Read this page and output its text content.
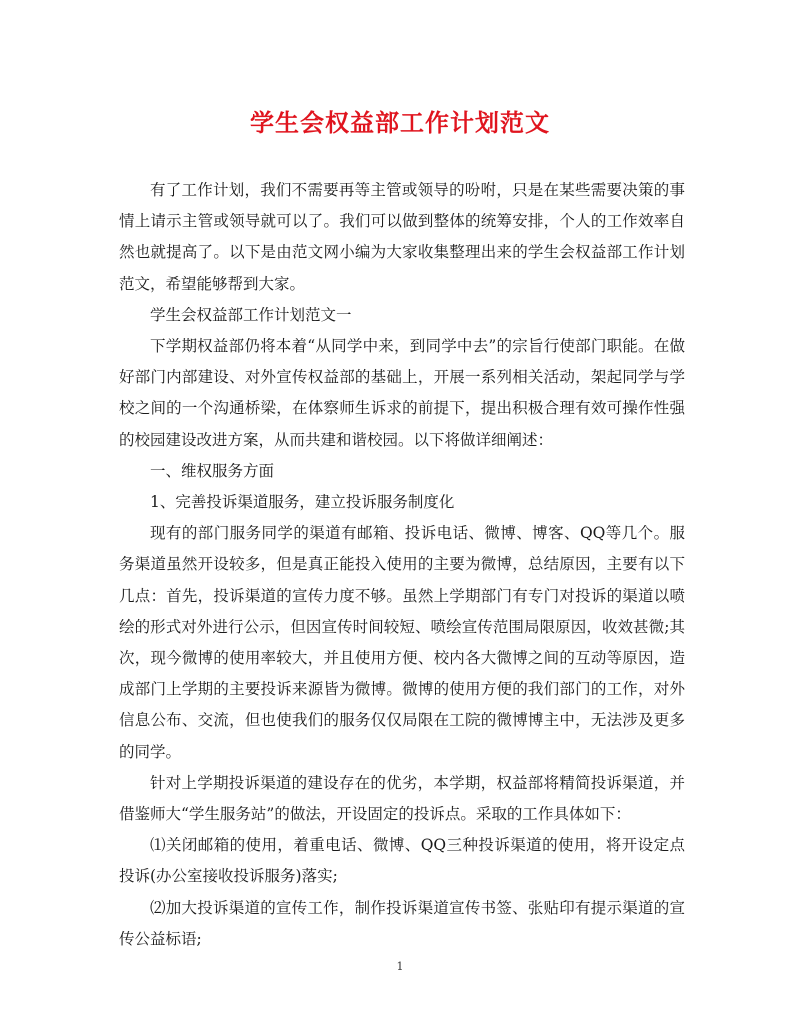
学生会权益部工作计划范文

有了工作计划，我们不需要再等主管或领导的吩咐，只是在某些需要决策的事情上请示主管或领导就可以了。我们可以做到整体的统筹安排，个人的工作效率自然也就提高了。以下是由范文网小编为大家收集整理出来的学生会权益部工作计划范文，希望能够帮到大家。

学生会权益部工作计划范文一

下学期权益部仍将本着“从同学中来，到同学中去”的宗旨行使部门职能。在做好部门内部建设、对外宣传权益部的基础上，开展一系列相关活动，架起同学与学校之间的一个沟通桥梁，在体察师生诉求的前提下，提出积极合理有效可操作性强的校园建设改进方案，从而共建和谐校园。以下将做详细阐述：

一、维权服务方面

1、完善投诉渠道服务，建立投诉服务制度化

现有的部门服务同学的渠道有邮箱、投诉电话、微博、博客、QQ等几个。服务渠道虽然开设较多，但是真正能投入使用的主要为微博，总结原因，主要有以下几点：首先，投诉渠道的宣传力度不够。虽然上学期部门有专门对投诉的渠道以喷绘的形式对外进行公示，但因宣传时间较短、喷绘宣传范围局限原因，收效甚微;其次，现今微博的使用率较大，并且使用方便、校内各大微博之间的互动等原因，造成部门上学期的主要投诉来源皆为微博。微博的使用方便的我们部门的工作，对外信息公布、交流，但也使我们的服务仅仅局限在工院的微博博主中，无法涉及更多的同学。

针对上学期投诉渠道的建设存在的优劣，本学期，权益部将精简投诉渠道，并借鉴师大“学生服务站”的做法，开设固定的投诉点。采取的工作具体如下：

⑴关闭邮箱的使用，着重电话、微博、QQ三种投诉渠道的使用，将开设定点投诉(办公室接收投诉服务)落实;

⑵加大投诉渠道的宣传工作，制作投诉渠道宣传书签、张贴印有提示渠道的宣传公益标语;

1
